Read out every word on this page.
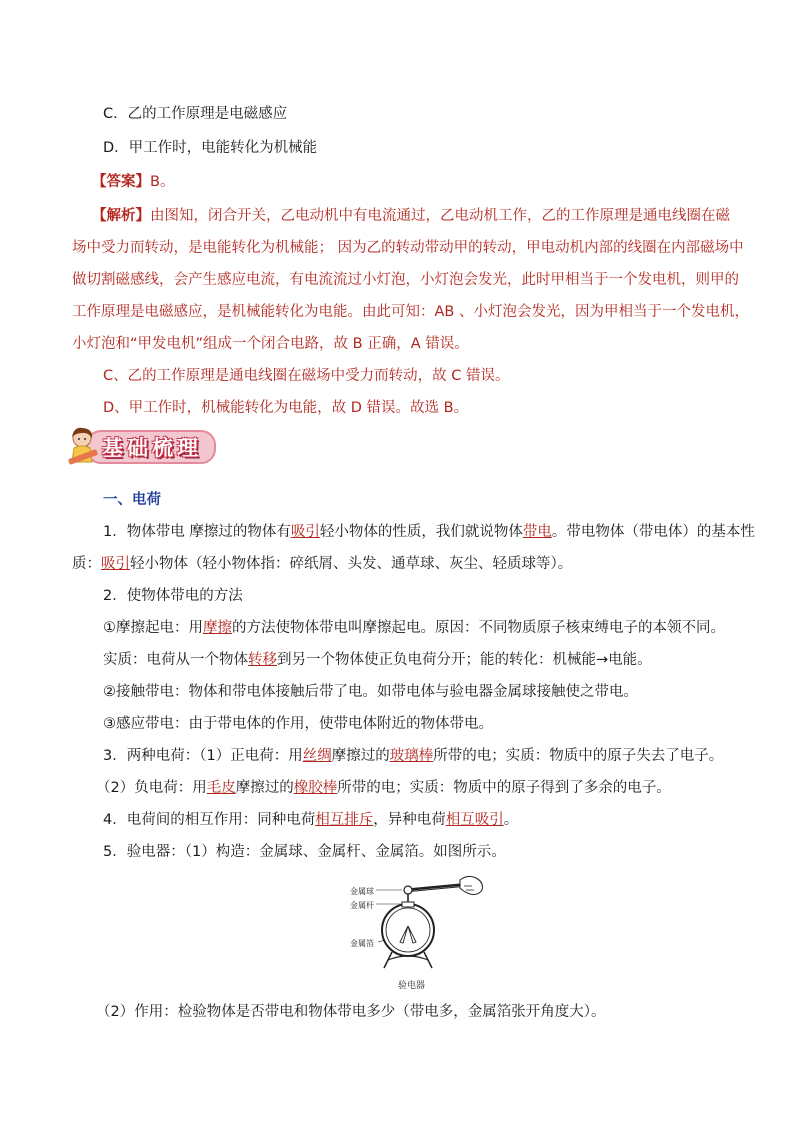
C．乙的工作原理是电磁感应
D．甲工作时，电能转化为机械能
【答案】B。
【解析】由图知，闭合开关，乙电动机中有电流通过，乙电动机工作，乙的工作原理是通电线圈在磁
场中受力而转动，是电能转化为机械能； 因为乙的转动带动甲的转动，甲电动机内部的线圈在内部磁场中
做切割磁感线，会产生感应电流，有电流流过小灯泡，小灯泡会发光，此时甲相当于一个发电机，则甲的
工作原理是电磁感应，是机械能转化为电能。由此可知：AB 、小灯泡会发光，因为甲相当于一个发电机，
小灯泡和“甲发电机”组成一个闭合电路，故 B 正确，A 错误。
C、乙的工作原理是通电线圈在磁场中受力而转动，故 C 错误。
D、甲工作时，机械能转化为电能，故 D 错误。故选 B。
基础梳理
一、电荷
1．物体带电 摩擦过的物体有吸引轻小物体的性质，我们就说物体带电。带电物体（带电体）的基本性
质：吸引轻小物体（轻小物体指：碎纸屑、头发、通草球、灰尘、轻质球等）。
2．使物体带电的方法
①摩擦起电：用摩擦的方法使物体带电叫摩擦起电。原因：不同物质原子核束缚电子的本领不同。
实质：电荷从一个物体转移到另一个物体使正负电荷分开；能的转化：机械能→电能。
②接触带电：物体和带电体接触后带了电。如带电体与验电器金属球接触使之带电。
③感应带电：由于带电体的作用，使带电体附近的物体带电。
3．两种电荷：（1）正电荷：用丝绸摩擦过的玻璃棒所带的电；实质：物质中的原子失去了电子。
（2）负电荷：用毛皮摩擦过的橡胶棒所带的电；实质：物质中的原子得到了多余的电子。
4．电荷间的相互作用：同种电荷相互排斥，异种电荷相互吸引。
5．验电器：（1）构造：金属球、金属杆、金属箔。如图所示。
金属球
金属杆
金属箔
验电器
（2）作用：检验物体是否带电和物体带电多少（带电多，金属箔张开角度大）。
